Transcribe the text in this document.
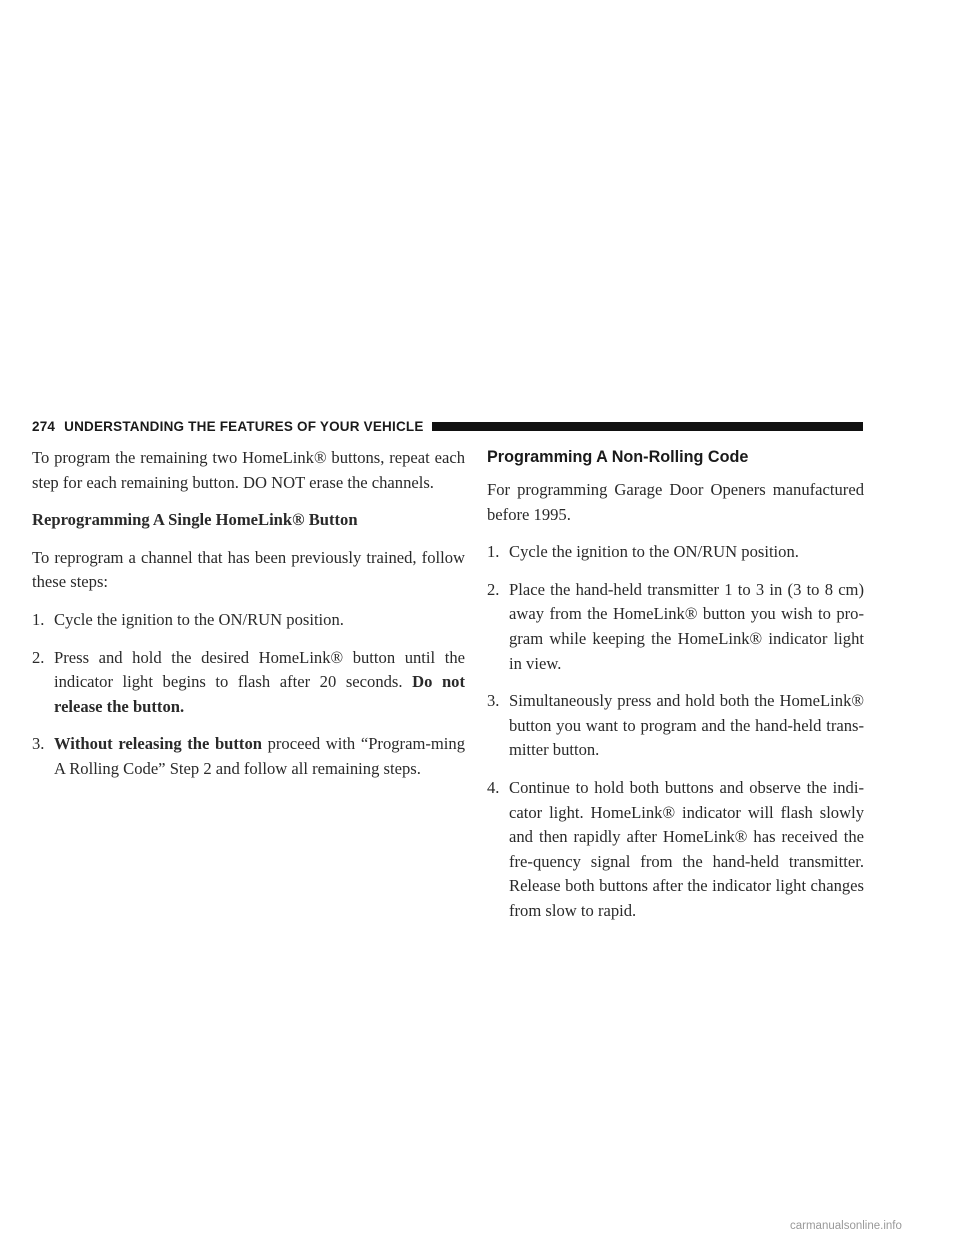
274 UNDERSTANDING THE FEATURES OF YOUR VEHICLE

To program the remaining two HomeLink® buttons, repeat each step for each remaining button. DO NOT erase the channels.

Reprogramming A Single HomeLink® Button

To reprogram a channel that has been previously trained, follow these steps:

1. Cycle the ignition to the ON/RUN position.

2. Press and hold the desired HomeLink® button until the indicator light begins to flash after 20 seconds. Do not release the button.

3. Without releasing the button proceed with “Program-ming A Rolling Code” Step 2 and follow all remaining steps.

Programming A Non-Rolling Code

For programming Garage Door Openers manufactured before 1995.

1. Cycle the ignition to the ON/RUN position.

2. Place the hand-held transmitter 1 to 3 in (3 to 8 cm) away from the HomeLink® button you wish to pro-gram while keeping the HomeLink® indicator light in view.

3. Simultaneously press and hold both the HomeLink® button you want to program and the hand-held trans-mitter button.

4. Continue to hold both buttons and observe the indi-cator light. HomeLink® indicator will flash slowly and then rapidly after HomeLink® has received the fre-quency signal from the hand-held transmitter. Release both buttons after the indicator light changes from slow to rapid.

carmanualsonline.info
